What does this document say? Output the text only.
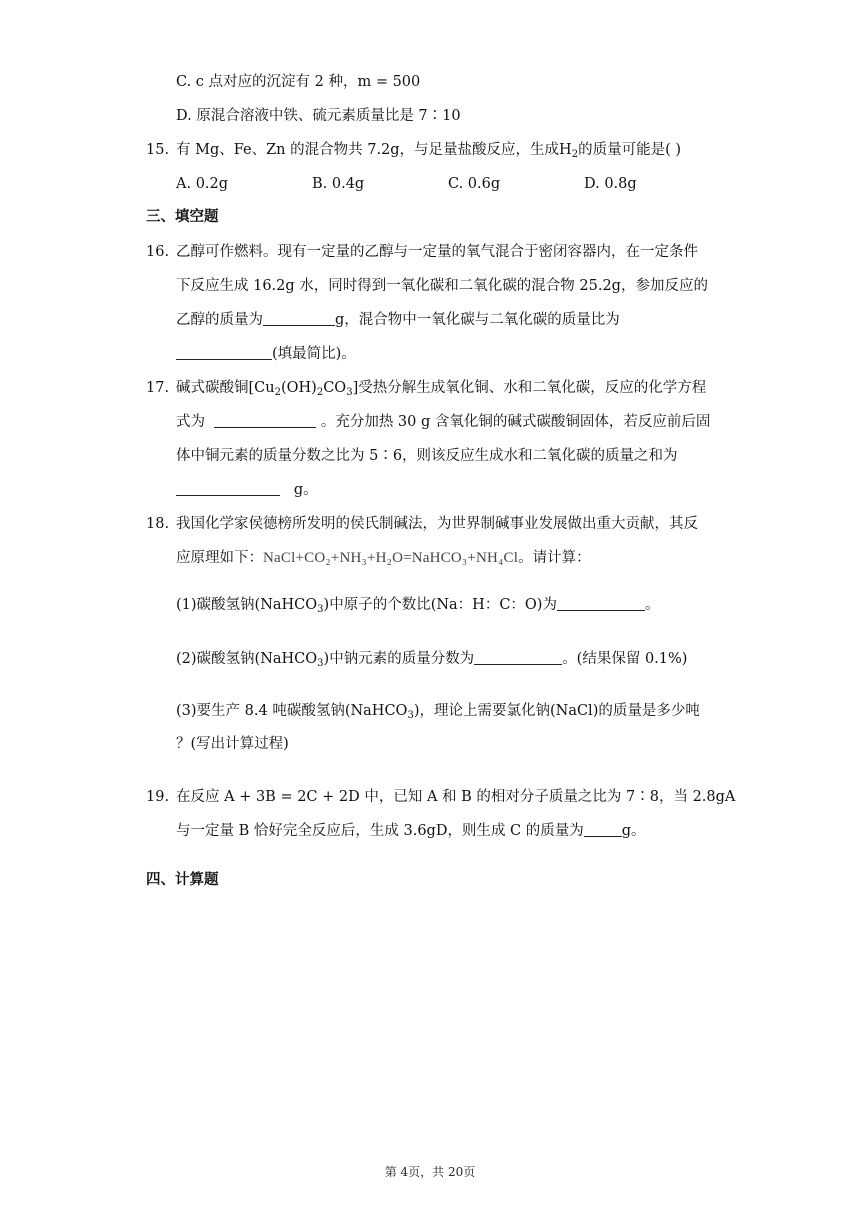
C. c 点对应的沉淀有 2 种，m = 500
D. 原混合溶液中铁、硫元素质量比是 7∶10
15. 有 Mg、Fe、Zn 的混合物共 7.2g，与足量盐酸反应，生成$H_2$的质量可能是( )
A. 0.2g	B. 0.4g	C. 0.6g	D. 0.8g
三、填空题
16. 乙醇可作燃料。现有一定量的乙醇与一定量的氧气混合于密闭容器内，在一定条件
下反应生成 16.2g 水，同时得到一氧化碳和二氧化碳的混合物 25.2g，参加反应的
乙醇的质量为	g，混合物中一氧化碳与二氧化碳的质量比为
(填最简比)。
17. 碱式碳酸铜$[Cu_2(OH)_2CO_3]$受热分解生成氧化铜、水和二氧化碳，反应的化学方程
式为	。充分加热 30 g 含氧化铜的碱式碳酸铜固体，若反应前后固
体中铜元素的质量分数之比为 5∶6，则该反应生成水和二氧化碳的质量之和为
g。
18. 我国化学家侯德榜所发明的侯氏制碱法，为世界制碱事业发展做出重大贡献，其反
应原理如下：NaCl+CO₂+NH₃+H₂O=NaHCO₃+NH₄Cl。请计算：
(1)碳酸氢钠(NaHCO$_3$)中原子的个数比(Na：H：C：O)为	。
(2)碳酸氢钠(NaHCO$_3$)中钠元素的质量分数为	。(结果保留 0.1%)
(3)要生产 8.4 吨碳酸氢钠(NaHCO$_3$)，理论上需要氯化钠(NaCl)的质量是多少吨
？(写出计算过程)
19. 在反应 A + 3B = 2C + 2D 中，已知 A 和 B 的相对分子质量之比为 7∶8，当 2.8gA
与一定量 B 恰好完全反应后，生成 3.6gD，则生成 C 的质量为	g。
四、计算题
第 4页，共 20页
